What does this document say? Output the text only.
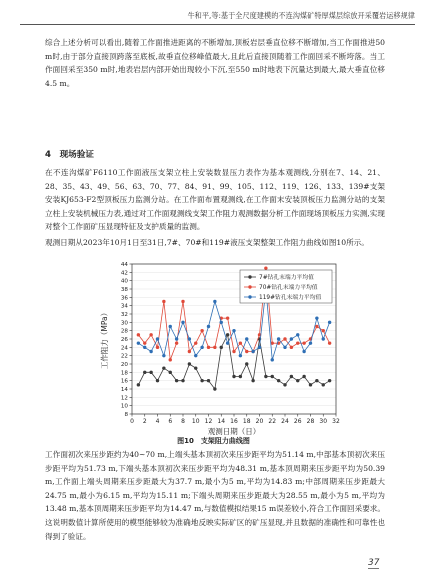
牛和平,等:基于全尺度建模的不连沟煤矿特厚煤层综放开采覆岩运移规律

综合上述分析可以看出,随着工作面推进距离的不断增加,顶板岩层垂直位移不断增加,当工作面推进50 m时,由于部分直接顶跨落至底板,故垂直位移峰值最大,且此后直接顶随着工作面回采不断垮落。当工作面回采至350 m时,地表岩层内部开始出现较小下沉,至550 m时地表下沉量达到最大,最大垂直位移4.5 m。

4　现场验证

在不连沟煤矿F6110工作面液压支架立柱上安装数显压力表作为基本观测线,分别在7、14、21、28、35、43、49、56、63、70、77、84、91、99、105、112、119、126、133、139#支架安装KJ653-F2型顶板压力监测分站。在工作面布置观测线,在工作面末安装顶板压力监测分站的支架立柱上安装机械压力表,通过对工作面观测线支架工作阻力观测数据分析工作面现场顶板压力实测,实现对整个工作面矿压显现特征及支护质量的监测。

观测日期从2023年10月1日至31日,7#、70#和119#液压支架整架工作阻力曲线如图10所示。

0 2 4 6 8 10 12 14 16 18 20 22 24 26 28 30 32
8
10
12
14
16
18
20
22
24
26
28
30
32
34
36
38
40
42
44
观测日期（日）
工作阻力（MPa）
7#钻孔末端力平均值
70#钻孔末端力平均值
119#钻孔末端力平均值
图10　支架阻力曲线图

工作面初次来压步距约为40~70 m,上端头基本顶初次来压步距平均为51.14 m,中部基本顶初次来压步距平均为51.73 m,下端头基本顶初次来压步距平均为48.31 m,基本顶周期来压步距平均为50.39 m,工作面上端头周期来压步距最大为37.7 m,最小为5 m,平均为14.83 m;中部周期来压步距最大24.75 m,最小为6.15 m,平均为15.11 m;下端头周期来压步距最大为28.55 m,最小为5 m,平均为13.48 m,基本顶周期来压步距平均为14.47 m,与数值模拟结果15 m误差较小,符合工作面回采要求。这说明数值计算所使用的模型能够较为准确地反映实际矿区的矿压显现,并且数据的准确性和可靠性也得到了验证。

37
